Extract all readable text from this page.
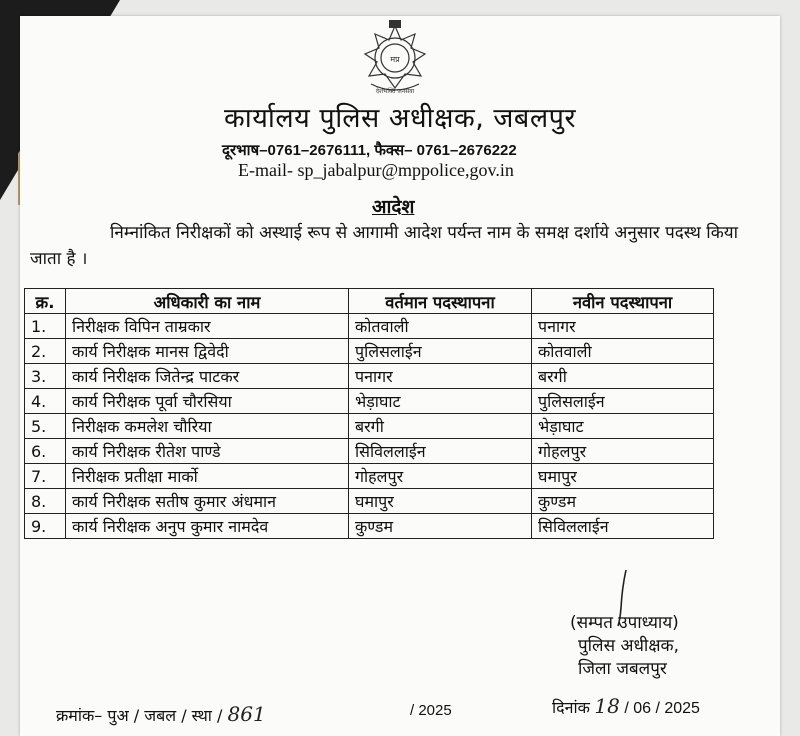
मप्र
देशभक्ति जनसेवा
कार्यालय पुलिस अधीक्षक, जबलपुर
दूरभाष–0761–2676111, फैक्स– 0761–2676222
E-mail- sp_jabalpur@mppolice,gov.in
आदेश
निम्नांकित निरीक्षकों को अस्थाई रूप से आगामी आदेश पर्यन्त नाम के समक्ष दर्शाये अनुसार पदस्थ किया जाता है ।
क्र.	अधिकारी का नाम	वर्तमान पदस्थापना	नवीन पदस्थापना
1.	निरीक्षक विपिन ताम्रकार	कोतवाली	पनागर
2.	कार्य निरीक्षक मानस द्विवेदी	पुलिसलाईन	कोतवाली
3.	कार्य निरीक्षक जितेन्द्र पाटकर	पनागर	बरगी
4.	कार्य निरीक्षक पूर्वा चौरसिया	भेड़ाघाट	पुलिसलाईन
5.	निरीक्षक कमलेश चौरिया	बरगी	भेड़ाघाट
6.	कार्य निरीक्षक रीतेश पाण्डे	सिविललाईन	गोहलपुर
7.	निरीक्षक प्रतीक्षा मार्को	गोहलपुर	घमापुर
8.	कार्य निरीक्षक सतीष कुमार अंधमान	घमापुर	कुण्डम
9.	कार्य निरीक्षक अनुप कुमार नामदेव	कुण्डम	सिविललाईन
(सम्पत उपाध्याय)
पुलिस अधीक्षक,
जिला जबलपुर
क्रमांक– पुअ / जबल / स्था / 861	/ 2025	दिनांक 18 / 06 / 2025
